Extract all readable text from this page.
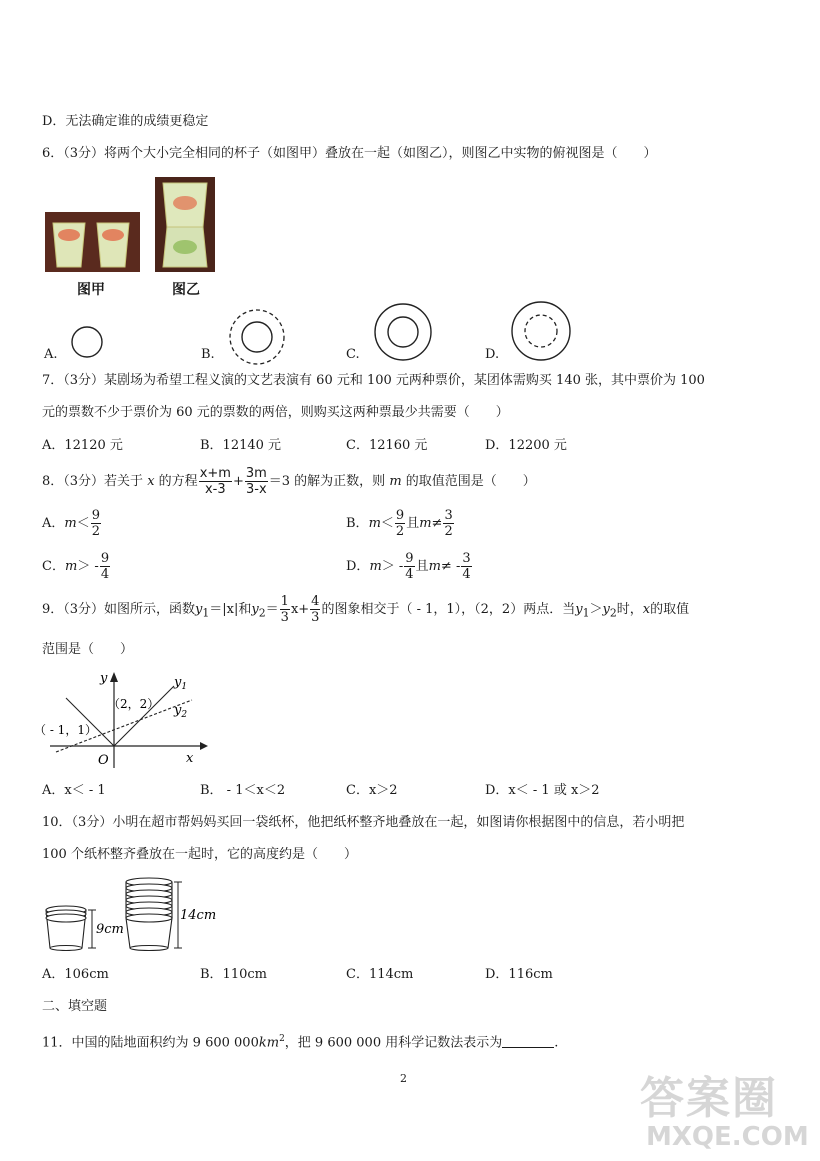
D．无法确定谁的成绩更稳定
6．（3分）将两个大小完全相同的杯子（如图甲）叠放在一起（如图乙），则图乙中实物的俯视图是（　　）
图甲	图乙
A.	B.	C.	D.
7．（3分）某剧场为希望工程义演的文艺表演有 60 元和 100 元两种票价，某团体需购买 140 张，其中票价为 100
元的票数不少于票价为 60 元的票数的两倍，则购买这两种票最少共需要（　　）
A．12120 元	B．12140 元	C．12160 元	D．12200 元
8．（3分）若关于 x 的方程 $\frac{x+m}{x-3} + \frac{3m}{3-x} =3$ 的解为正数，则 m 的取值范围是（　　）
A．$m< \frac{9}{2}$	B．$m< \frac{9}{2}$ 且$m\ne \frac{3}{2}$
C．$m> - \frac{9}{4}$	D．$m> - \frac{9}{4}$ 且$m\ne - \frac{3}{4}$
9．（3分）如图所示，函数$y_1=|x|$和$y_2= \frac{1}{3} x+ \frac{4}{3}$ 的图象相交于（ - 1，1），（2，2）两点．当$y_1>y_2$时，x的取值
范围是（　　）
y
x
O
$y_1$
$y_2$
（2，2）
（ - 1，1）
A．x＜ - 1	B． - 1＜x＜2	C．x＞2	D．x＜ - 1 或 x＞2
10．（3分）小明在超市帮妈妈买回一袋纸杯，他把纸杯整齐地叠放在一起，如图请你根据图中的信息，若小明把
100 个纸杯整齐叠放在一起时，它的高度约是（　　）
9cm
14cm
A．106cm	B．110cm	C．114cm	D．116cm
二、填空题
11．中国的陆地面积约为 9 600 $000km^2$，把 9 600 000 用科学记数法表示为	.
2	答案圈
MXQE.COM
